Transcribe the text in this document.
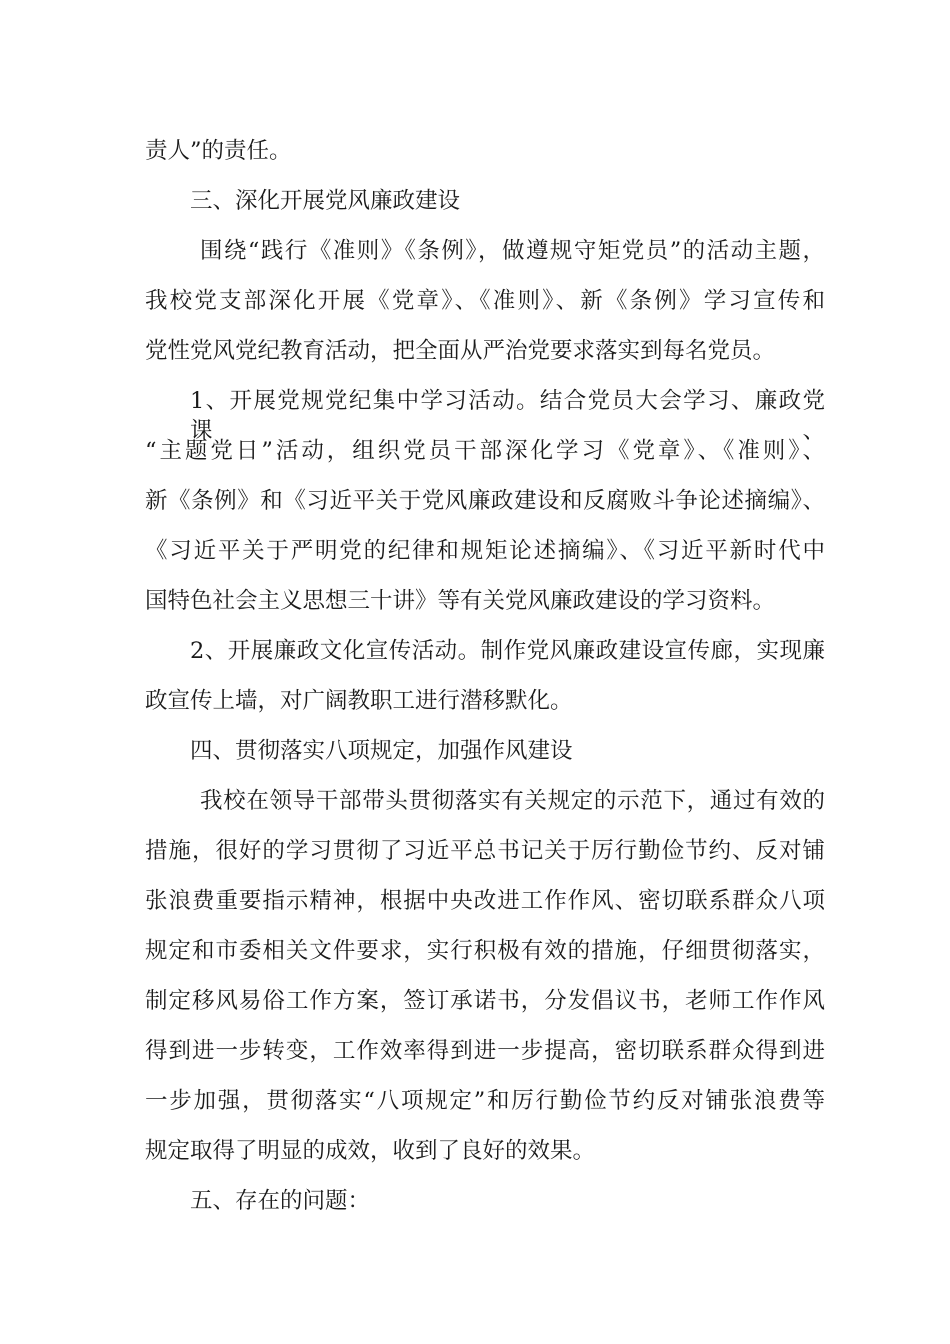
责人”的责任。
三、深化开展党风廉政建设
围绕“践行《准则》《条例》，做遵规守矩党员”的活动主题，
我校党支部深化开展《党章》、《准则》、新《条例》学习宣传和
党性党风党纪教育活动，把全面从严治党要求落实到每名党员。
1、开展党规党纪集中学习活动。结合党员大会学习、廉政党课、
“主题党日”活动，组织党员干部深化学习《党章》、《准则》、
新《条例》和《习近平关于党风廉政建设和反腐败斗争论述摘编》、
《习近平关于严明党的纪律和规矩论述摘编》、《习近平新时代中
国特色社会主义思想三十讲》等有关党风廉政建设的学习资料。
2、开展廉政文化宣传活动。制作党风廉政建设宣传廊，实现廉
政宣传上墙，对广阔教职工进行潜移默化。
四、贯彻落实八项规定，加强作风建设
我校在领导干部带头贯彻落实有关规定的示范下，通过有效的
措施，很好的学习贯彻了习近平总书记关于厉行勤俭节约、反对铺
张浪费重要指示精神，根据中央改进工作作风、密切联系群众八项
规定和市委相关文件要求，实行积极有效的措施，仔细贯彻落实，
制定移风易俗工作方案，签订承诺书，分发倡议书，老师工作作风
得到进一步转变，工作效率得到进一步提高，密切联系群众得到进
一步加强，贯彻落实“八项规定”和厉行勤俭节约反对铺张浪费等
规定取得了明显的成效，收到了良好的效果。
五、存在的问题：
